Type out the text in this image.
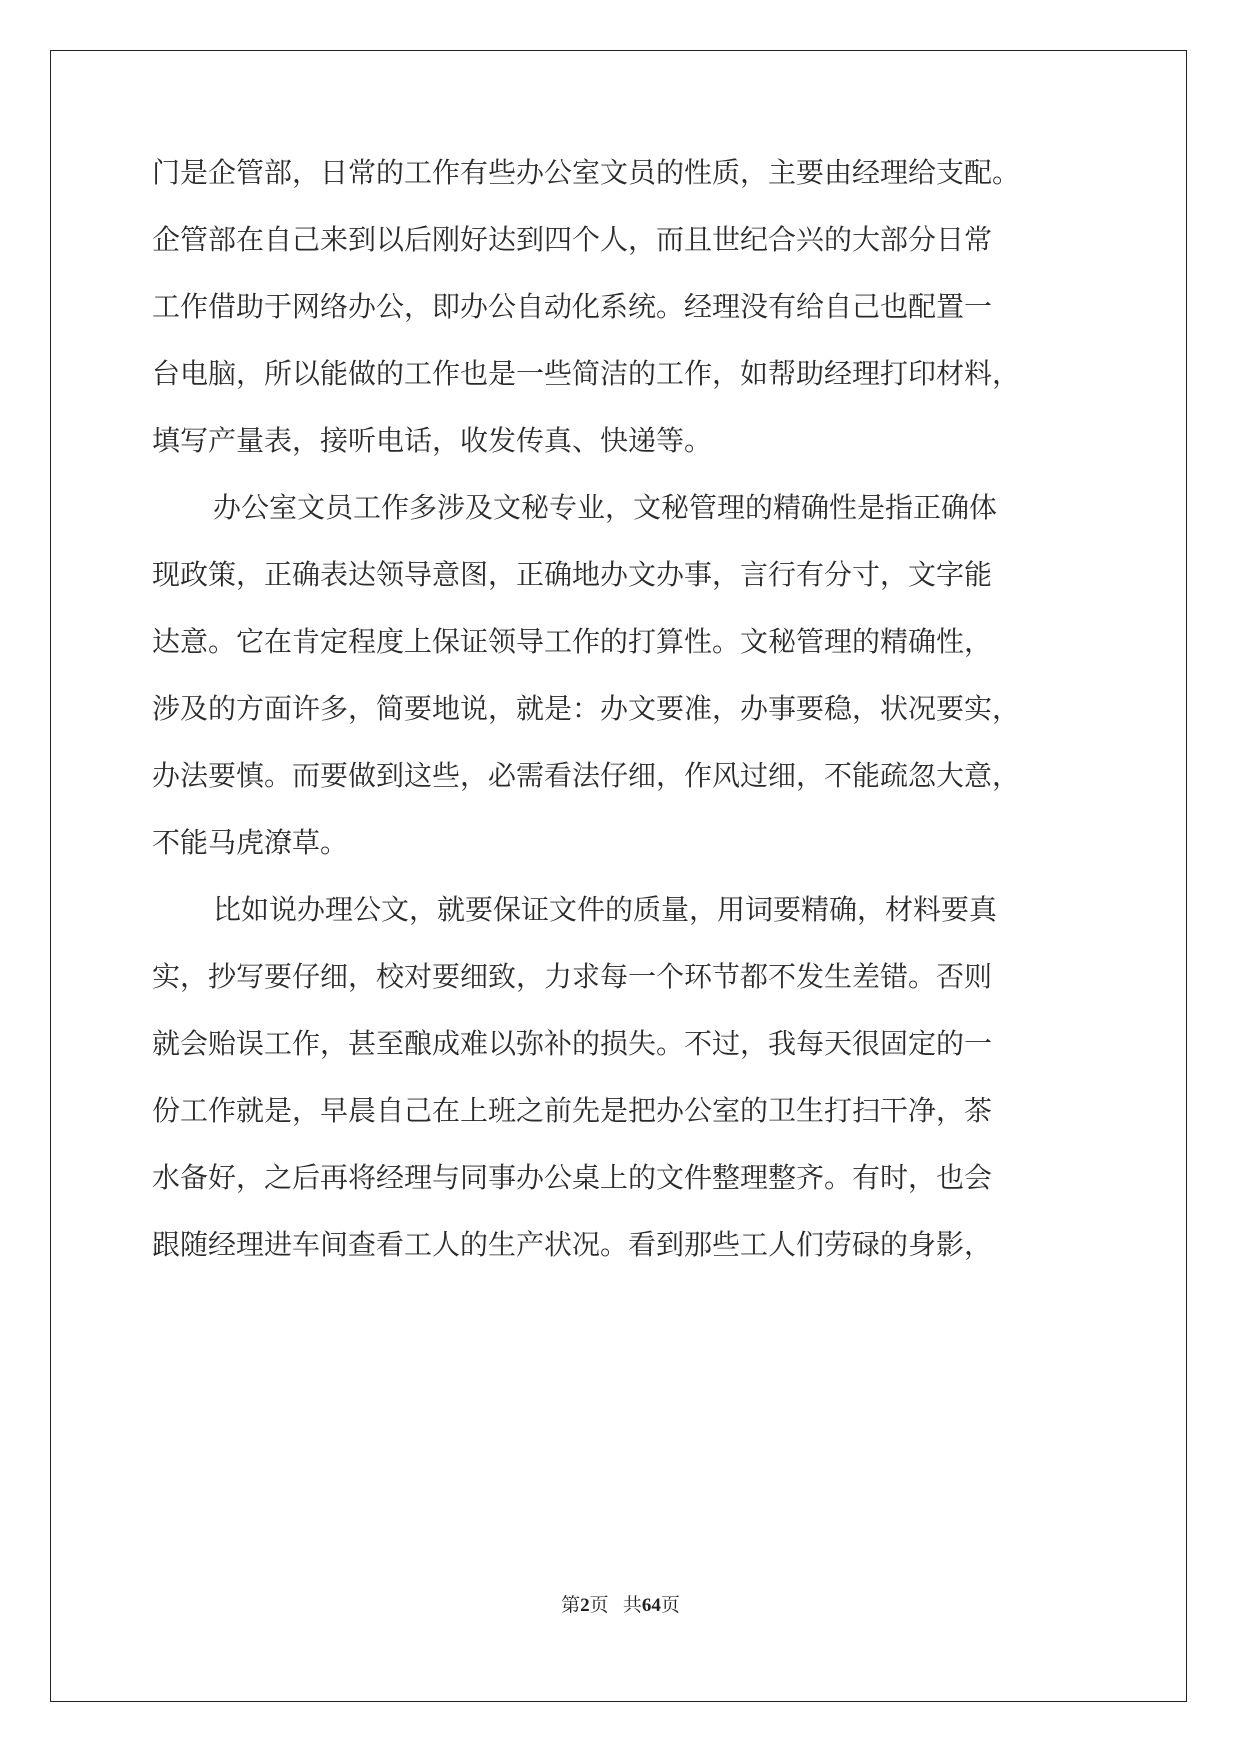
门是企管部，日常的工作有些办公室文员的性质，主要由经理给支配。

企管部在自己来到以后刚好达到四个人，而且世纪合兴的大部分日常

工作借助于网络办公，即办公自动化系统。经理没有给自己也配置一

台电脑，所以能做的工作也是一些简洁的工作，如帮助经理打印材料，

填写产量表，接听电话，收发传真、快递等。

办公室文员工作多涉及文秘专业，文秘管理的精确性是指正确体

现政策，正确表达领导意图，正确地办文办事，言行有分寸，文字能

达意。它在肯定程度上保证领导工作的打算性。文秘管理的精确性，

涉及的方面许多，简要地说，就是：办文要准，办事要稳，状况要实，

办法要慎。而要做到这些，必需看法仔细，作风过细，不能疏忽大意，

不能马虎潦草。

比如说办理公文，就要保证文件的质量，用词要精确，材料要真

实，抄写要仔细，校对要细致，力求每一个环节都不发生差错。否则

就会贻误工作，甚至酿成难以弥补的损失。不过，我每天很固定的一

份工作就是，早晨自己在上班之前先是把办公室的卫生打扫干净，茶

水备好，之后再将经理与同事办公桌上的文件整理整齐。有时，也会

跟随经理进车间查看工人的生产状况。看到那些工人们劳碌的身影，

第2页 共64页
